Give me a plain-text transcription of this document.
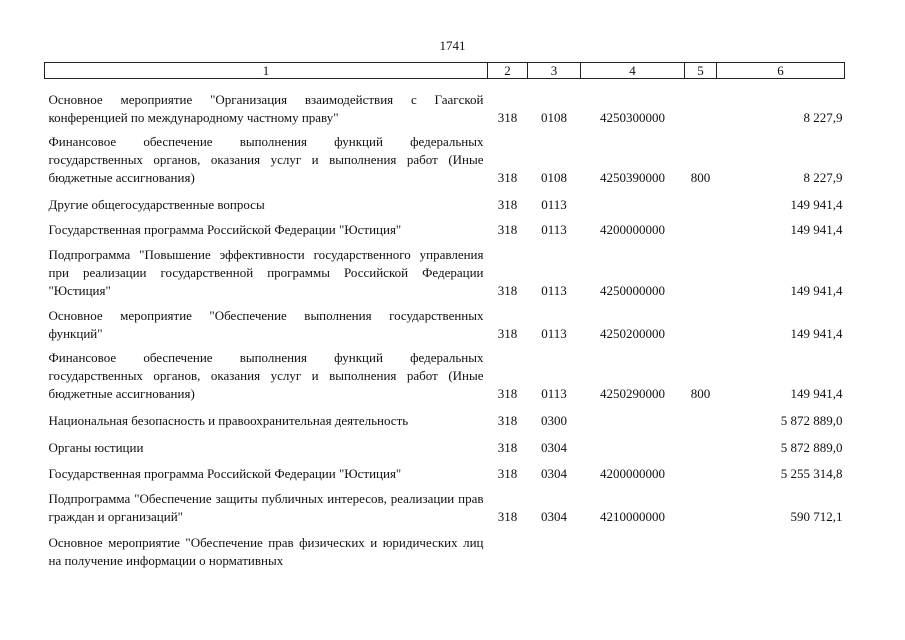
1741
1	2	3	4	5	6
Основное мероприятие "Организация взаимодействия с Гаагской конференцией по международному частному праву"	318	0108	4250300000		8 227,9
Финансовое обеспечение выполнения функций федеральных государственных органов, оказания услуг и выполнения работ (Иные бюджетные ассигнования)	318	0108	4250390000	800	8 227,9
Другие общегосударственные вопросы	318	0113			149 941,4
Государственная программа Российской Федерации "Юстиция"	318	0113	4200000000		149 941,4
Подпрограмма "Повышение эффективности государственного управления при реализации государственной программы Российской Федерации "Юстиция"	318	0113	4250000000		149 941,4
Основное мероприятие "Обеспечение выполнения государственных функций"	318	0113	4250200000		149 941,4
Финансовое обеспечение выполнения функций федеральных государственных органов, оказания услуг и выполнения работ (Иные бюджетные ассигнования)	318	0113	4250290000	800	149 941,4
Национальная безопасность и правоохранительная деятельность	318	0300			5 872 889,0
Органы юстиции	318	0304			5 872 889,0
Государственная программа Российской Федерации "Юстиция"	318	0304	4200000000		5 255 314,8
Подпрограмма "Обеспечение защиты публичных интересов, реализации прав граждан и организаций"	318	0304	4210000000		590 712,1
Основное мероприятие "Обеспечение прав физических и юридических лиц на получение информации о нормативных					
